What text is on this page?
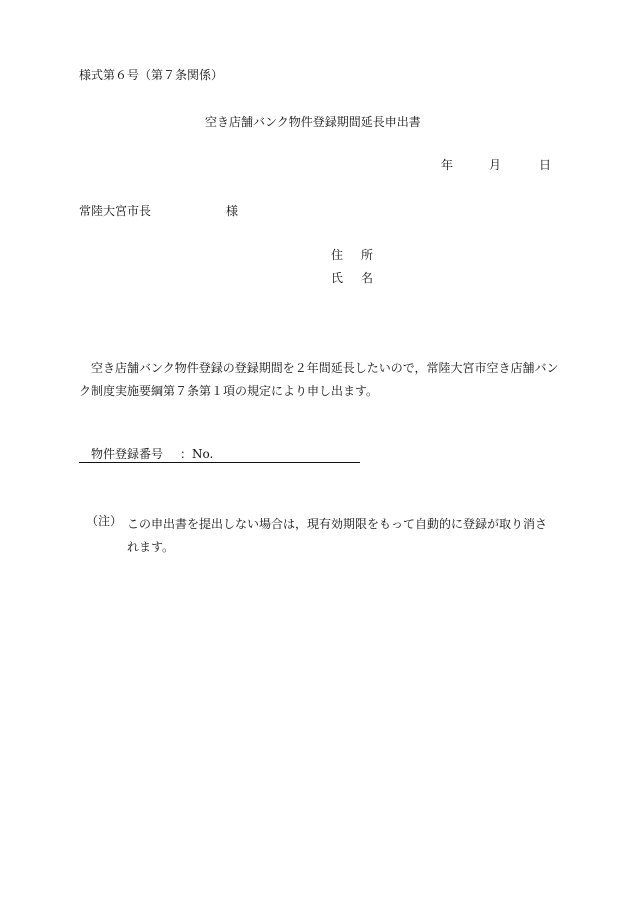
様式第６号（第７条関係）
空き店舗バンク物件登録期間延長申出書
年	月	日
常陸大宮市長	様
住 所
氏 名
空き店舗バンク物件登録の登録期間を２年間延長したいので，常陸大宮市空き店舗バンク制度実施要綱第７条第１項の規定により申し出ます。
物件登録番号 ：No.
（注） この申出書を提出しない場合は，現有効期限をもって自動的に登録が取り消されます。
